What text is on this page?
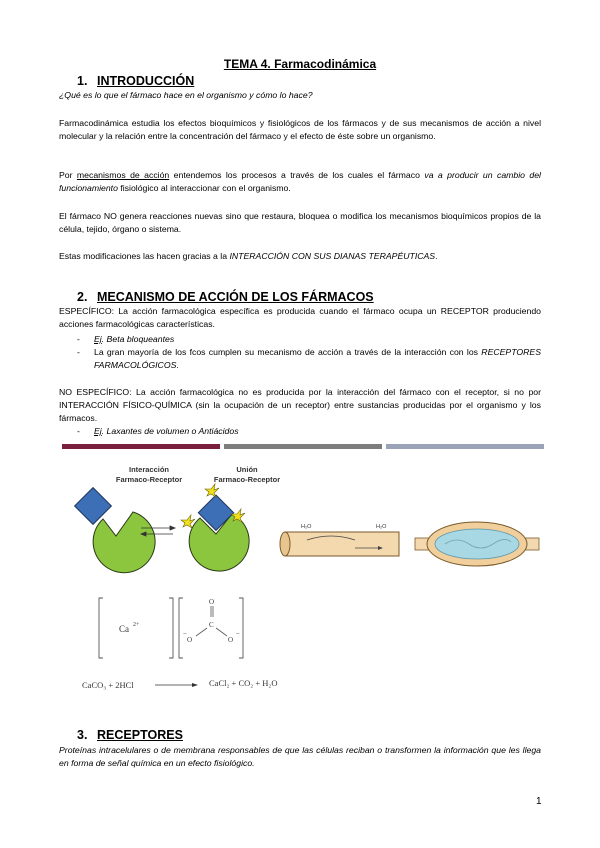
TEMA 4. Farmacodinámica
1. INTRODUCCIÓN
¿Qué es lo que el fármaco hace en el organismo y cómo lo hace?
Farmacodinámica estudia los efectos bioquímicos y fisiológicos de los fármacos y de sus mecanismos de acción a nivel molecular y la relación entre la concentración del fármaco y el efecto de éste sobre un organismo.
Por mecanismos de acción entendemos los procesos a través de los cuales el fármaco va a producir un cambio del funcionamiento fisiológico al interaccionar con el organismo.
El fármaco NO genera reacciones nuevas sino que restaura, bloquea o modifica los mecanismos bioquímicos propios de la célula, tejido, órgano o sistema.
Estas modificaciones las hacen gracias a la INTERACCIÓN CON SUS DIANAS TERAPÉUTICAS.
2. MECANISMO DE ACCIÓN DE LOS FÁRMACOS
ESPECÍFICO: La acción farmacológica específica es producida cuando el fármaco ocupa un RECEPTOR produciendo acciones farmacológicas características.
- Ej. Beta bloqueantes
- La gran mayoría de los fcos cumplen su mecanismo de acción a través de la interacción con los RECEPTORES FARMACOLÓGICOS.
NO ESPECÍFICO: La acción farmacológica no es producida por la interacción del fármaco con el receptor, si no por INTERACCIÓN FÍSICO-QUÍMICA (sin la ocupación de un receptor) entre sustancias producidas por el organismo y los fármacos.
- Ej. Laxantes de volumen o Antiácidos
Interacción
Farmaco-Receptor
Unión
Farmaco-Receptor
H₂O	H₂O
Ca 2+
O
C
O	O
−	−
CaCO₃ + 2HCl	CaCl₂ + CO₂ + H₂O
3. RECEPTORES
Proteínas intracelulares o de membrana responsables de que las células reciban o transformen la información que les llega en forma de señal química en un efecto fisiológico.
1
